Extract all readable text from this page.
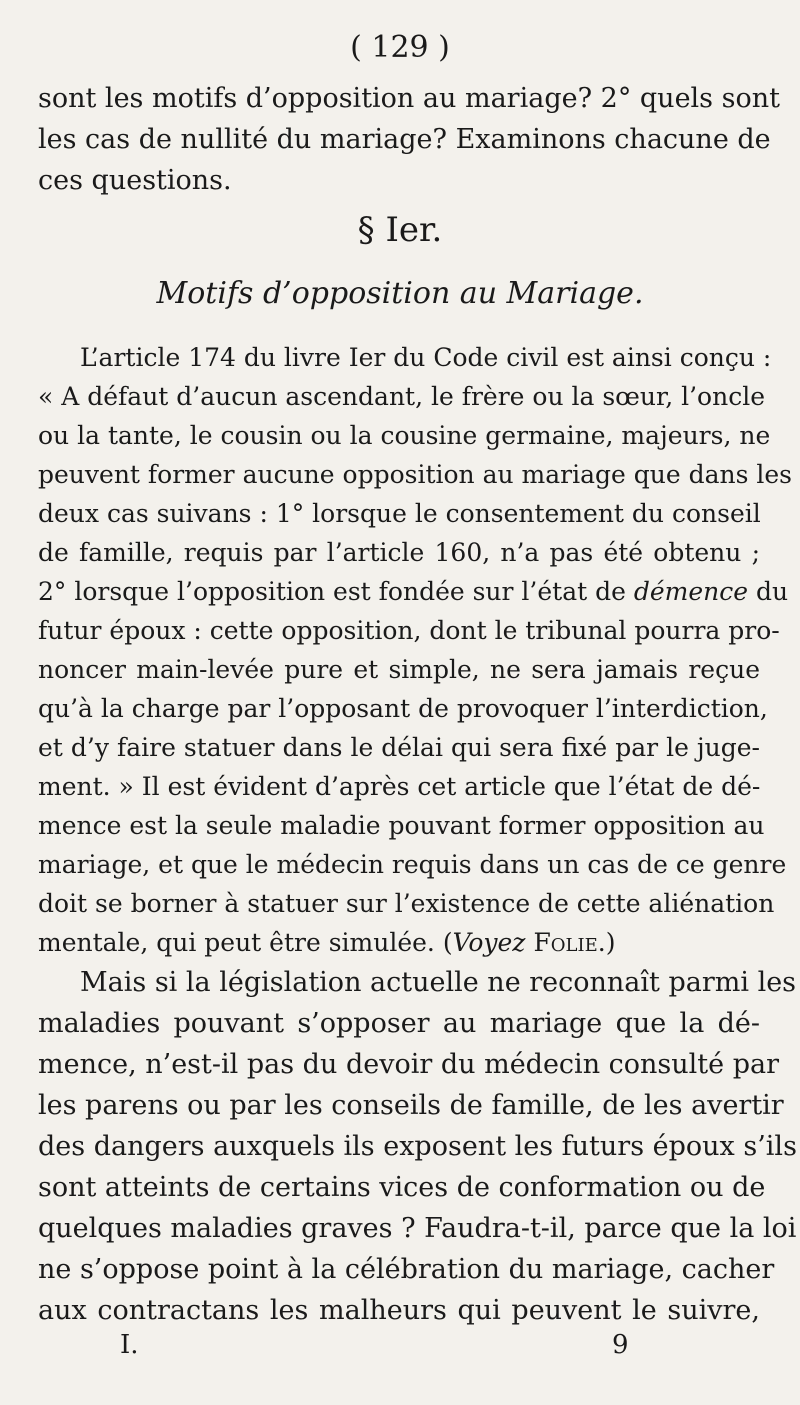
( 129 )
sont les motifs d’opposition au mariage? 2° quels sont
les cas de nullité du mariage? Examinons chacune de
ces questions.
§ Ier.
Motifs d’opposition au Mariage.
L’article 174 du livre Ier du Code civil est ainsi conçu :
« A défaut d’aucun ascendant, le frère ou la sœur, l’oncle
ou la tante, le cousin ou la cousine germaine, majeurs, ne
peuvent former aucune opposition au mariage que dans les
deux cas suivans : 1° lorsque le consentement du conseil
de famille, requis par l’article 160, n’a pas été obtenu ;
2° lorsque l’opposition est fondée sur l’état de démence du
futur époux : cette opposition, dont le tribunal pourra pro-
noncer main-levée pure et simple, ne sera jamais reçue
qu’à la charge par l’opposant de provoquer l’interdiction,
et d’y faire statuer dans le délai qui sera fixé par le juge-
ment. » Il est évident d’après cet article que l’état de dé-
mence est la seule maladie pouvant former opposition au
mariage, et que le médecin requis dans un cas de ce genre
doit se borner à statuer sur l’existence de cette aliénation
mentale, qui peut être simulée. (Voyez Folie.)
Mais si la législation actuelle ne reconnaît parmi les
maladies pouvant s’opposer au mariage que la dé-
mence, n’est-il pas du devoir du médecin consulté par
les parens ou par les conseils de famille, de les avertir
des dangers auxquels ils exposent les futurs époux s’ils
sont atteints de certains vices de conformation ou de
quelques maladies graves ? Faudra-t-il, parce que la loi
ne s’oppose point à la célébration du mariage, cacher
aux contractans les malheurs qui peuvent le suivre,
I.	9
